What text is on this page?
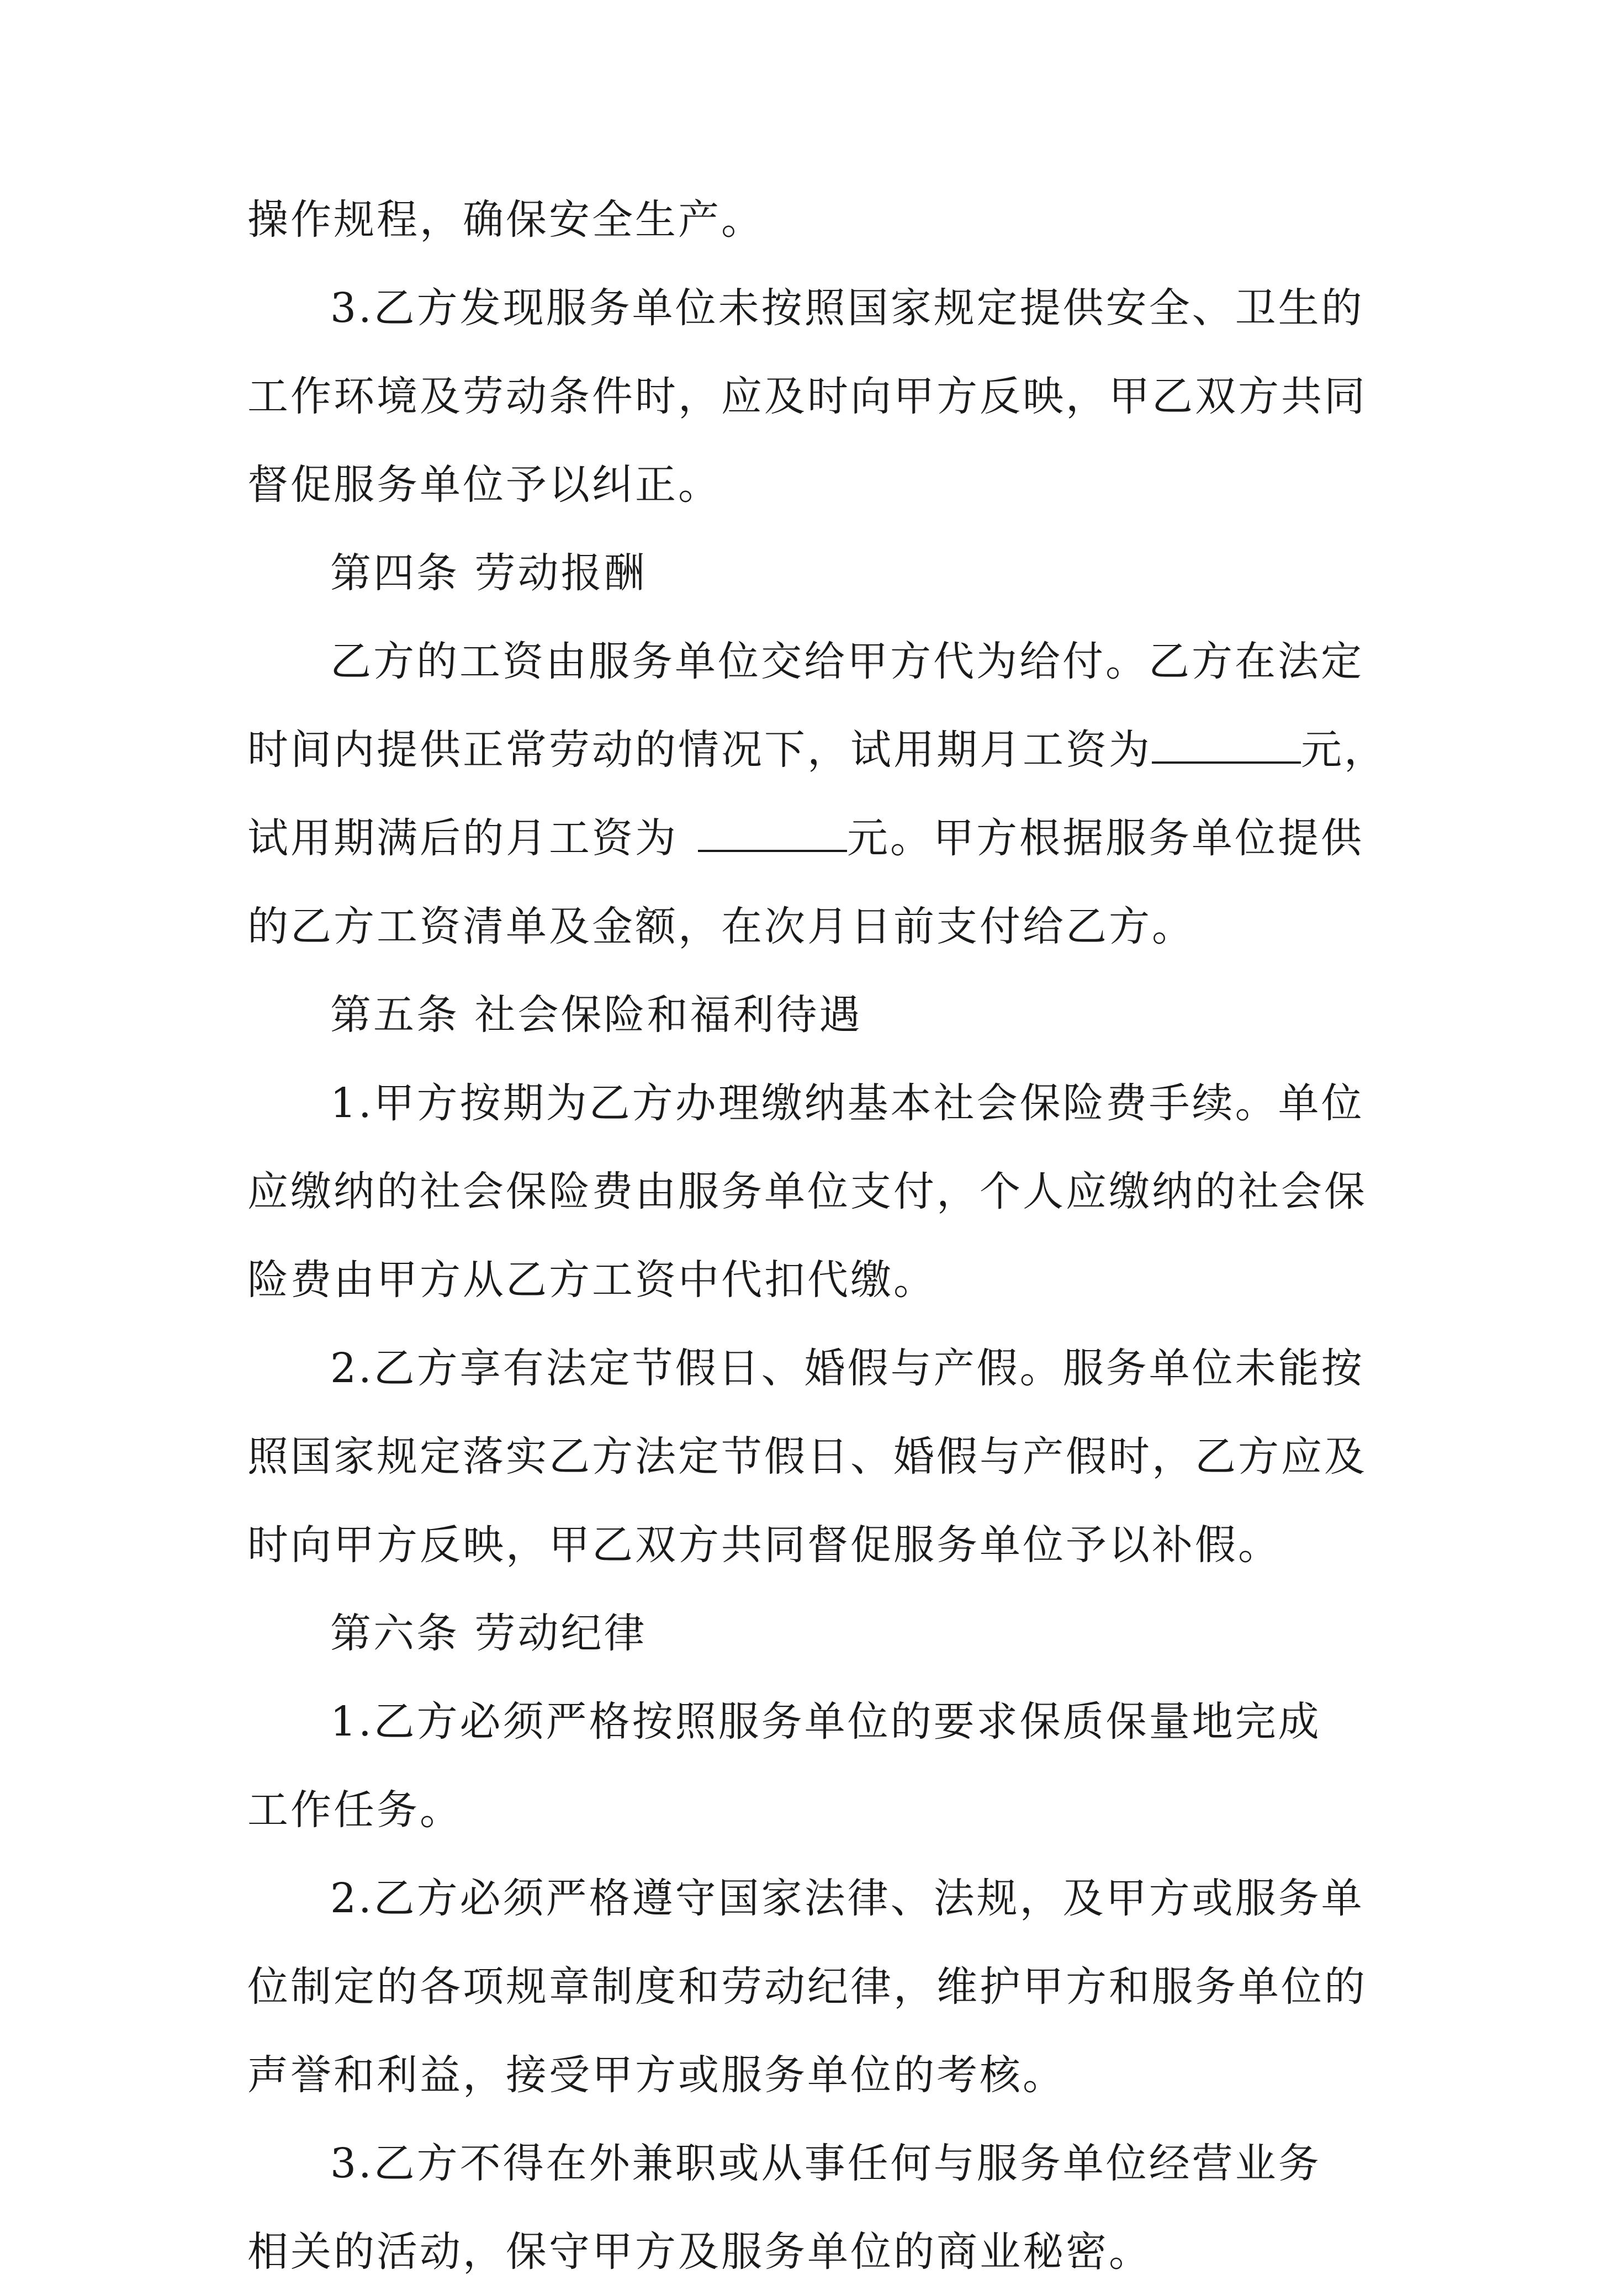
操作规程，确保安全生产。
3.乙方发现服务单位未按照国家规定提供安全、卫生的
工作环境及劳动条件时，应及时向甲方反映，甲乙双方共同
督促服务单位予以纠正。
第四条 劳动报酬
乙方的工资由服务单位交给甲方代为给付。乙方在法定
时间内提供正常劳动的情况下，试用期月工资为	元，
试用期满后的月工资为	元。甲方根据服务单位提供
的乙方工资清单及金额，在次月日前支付给乙方。
第五条 社会保险和福利待遇
1.甲方按期为乙方办理缴纳基本社会保险费手续。单位
应缴纳的社会保险费由服务单位支付，个人应缴纳的社会保
险费由甲方从乙方工资中代扣代缴。
2.乙方享有法定节假日、婚假与产假。服务单位未能按
照国家规定落实乙方法定节假日、婚假与产假时，乙方应及
时向甲方反映，甲乙双方共同督促服务单位予以补假。
第六条 劳动纪律
1.乙方必须严格按照服务单位的要求保质保量地完成
工作任务。
2.乙方必须严格遵守国家法律、法规，及甲方或服务单
位制定的各项规章制度和劳动纪律，维护甲方和服务单位的
声誉和利益，接受甲方或服务单位的考核。
3.乙方不得在外兼职或从事任何与服务单位经营业务
相关的活动，保守甲方及服务单位的商业秘密。
